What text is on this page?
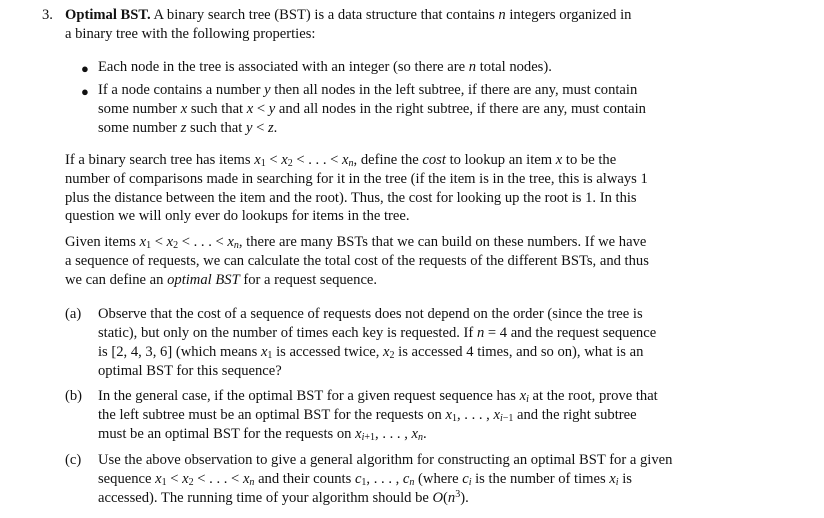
3. Optimal BST. A binary search tree (BST) is a data structure that contains n integers organized in
a binary tree with the following properties:
● Each node in the tree is associated with an integer (so there are n total nodes).
● If a node contains a number y then all nodes in the left subtree, if there are any, must contain
some number x such that x < y and all nodes in the right subtree, if there are any, must contain
some number z such that y < z.
If a binary search tree has items $x_1 < x_2$ < . . . < $x_n$, define the cost to lookup an item x to be the
number of comparisons made in searching for it in the tree (if the item is in the tree, this is always 1
plus the distance between the item and the root). Thus, the cost for looking up the root is 1. In this
question we will only ever do lookups for items in the tree.
Given items $x_1 < x_2$ < . . . < $x_n$, there are many BSTs that we can build on these numbers. If we have
a sequence of requests, we can calculate the total cost of the requests of the different BSTs, and thus
we can define an optimal BST for a request sequence.
(a) Observe that the cost of a sequence of requests does not depend on the order (since the tree is
static), but only on the number of times each key is requested. If n = 4 and the request sequence
is [2, 4, 3, 6] (which means $x_1$ is accessed twice, $x_2$ is accessed 4 times, and so on), what is an
optimal BST for this sequence?
(b) In the general case, if the optimal BST for a given request sequence has $x_i$ at the root, prove that
the left subtree must be an optimal BST for the requests on $x_1$, . . . , $x_{i-1}$ and the right subtree
must be an optimal BST for the requests on $x_{i+1}$, . . . , $x_n$.
(c) Use the above observation to give a general algorithm for constructing an optimal BST for a given
sequence $x_1 < x_2$ < . . . < $x_n$ and their counts $c_1$, . . . , $c_n$ (where $c_i$ is the number of times $x_i$ is
accessed). The running time of your algorithm should be $O(n^3)$.
